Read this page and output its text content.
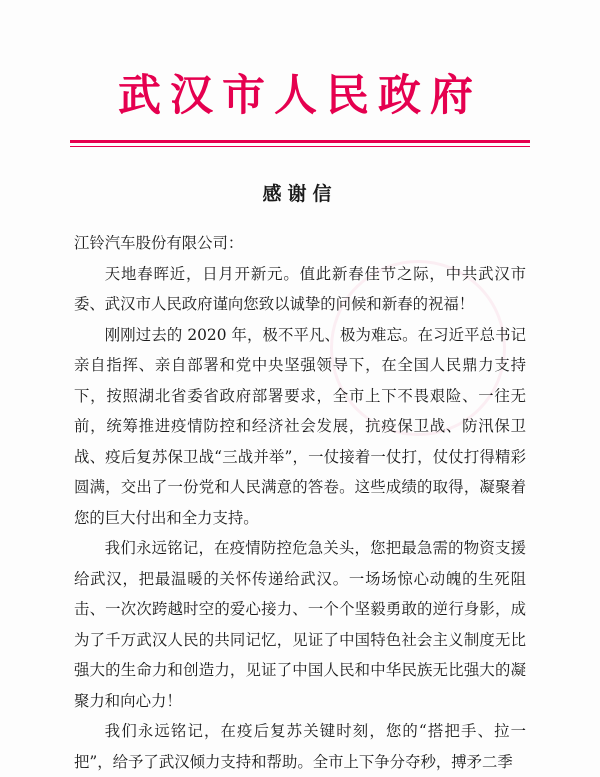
武汉市人民政府
感谢信

江铃汽车股份有限公司：

天地春晖近，日月开新元。值此新春佳节之际，中共武汉市委、武汉市人民政府谨向您致以诚挚的问候和新春的祝福！

刚刚过去的 2020 年，极不平凡、极为难忘。在习近平总书记亲自指挥、亲自部署和党中央坚强领导下，在全国人民鼎力支持下，按照湖北省委省政府部署要求，全市上下不畏艰险、一往无前，统筹推进疫情防控和经济社会发展，抗疫保卫战、防汛保卫战、疫后复苏保卫战“三战并举”，一仗接着一仗打，仗仗打得精彩圆满，交出了一份党和人民满意的答卷。这些成绩的取得，凝聚着您的巨大付出和全力支持。

我们永远铭记，在疫情防控危急关头，您把最急需的物资支援给武汉，把最温暖的关怀传递给武汉。一场场惊心动魄的生死阻击、一次次跨越时空的爱心接力、一个个坚毅勇敢的逆行身影，成为了千万武汉人民的共同记忆，见证了中国特色社会主义制度无比强大的生命力和创造力，见证了中国人民和中华民族无比强大的凝聚力和向心力！

我们永远铭记，在疫后复苏关键时刻，您的“搭把手、拉一把”，给予了武汉倾力支持和帮助。全市上下争分夺秒，搏矛二季
